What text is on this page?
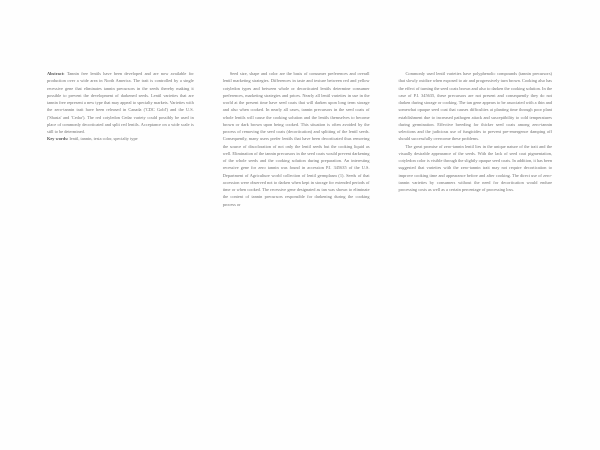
Abstract: Tannin free lentils have been developed and are now available for production over a wide area in North America. The trait is controlled by a single recessive gene that eliminates tannin precursors in the seeds thereby making it possible to prevent the development of darkened seeds. Lentil varieties that are tannin free represent a new type that may appeal to specialty markets. Varieties with the zero-tannin trait have been released in Canada ('CDC Gold') and the U.S. ('Shasta' and 'Cedar'). The red cotyledon Cedar variety could possibly be used in place of commonly decorticated and split red lentils. Acceptance on a wide scale is still to be determined.

Key words: lentil, tannin, testa color, specialty type

Seed size, shape and color are the basis of consumer preferences and overall lentil marketing strategies. Differences in taste and texture between red and yellow cotyledon types and between whole or decorticated lentils determine consumer preferences, marketing strategies and prices. Nearly all lentil varieties in use in the world at the present time have seed coats that will darken upon long term storage and also when cooked. In nearly all cases, tannin precursors in the seed coats of whole lentils will cause the cooking solution and the lentils themselves to become brown or dark brown upon being cooked. This situation is often avoided by the process of removing the seed coats (decortication) and splitting of the lentil seeds. Consequently, many users prefer lentils that have been decorticated thus removing the source of discoloration of not only the lentil seeds but the cooking liquid as well. Elimination of the tannin precursors in the seed coats would prevent darkening of the whole seeds and the cooking solution during preparation. An interesting recessive gene for zero tannin was found in accession P.I. 345635 of the U.S. Department of Agriculture world collection of lentil germplasm (1). Seeds of that accession were observed not to darken when kept in storage for extended periods of time or when cooked. The recessive gene designated as tan was shown to eliminate the content of tannin precursors responsible for darkening during the cooking process or

Commonly used lentil varieties have polyphenolic compounds (tannin precursors) that slowly oxidize when exposed to air and progressively turn brown. Cooking also has the effect of turning the seed coats brown and also to darken the cooking solution. In the case of P.I. 345635, these precursors are not present and consequently they do not darken during storage or cooking. The tan gene appears to be associated with a thin and somewhat opaque seed coat that causes difficulties at planting time through poor plant establishment due to increased pathogen attack and susceptibility to cold temperatures during germination. Effective breeding for thicker seed coats among zero-tannin selections and the judicious use of fungicides to prevent pre-emergence damping off should successfully overcome these problems.

The great promise of zero-tannin lentil lies in the unique nature of the trait and the visually desirable appearance of the seeds. With the lack of seed coat pigmentation, cotyledon color is visible through the slightly opaque seed coats. In addition, it has been suggested that varieties with the zero-tannin trait may not require decortication to improve cooking time and appearance before and after cooking. The direct use of zero-tannin varieties by consumers without the need for decortication would endure processing costs as well as a certain percentage of processing loss.
